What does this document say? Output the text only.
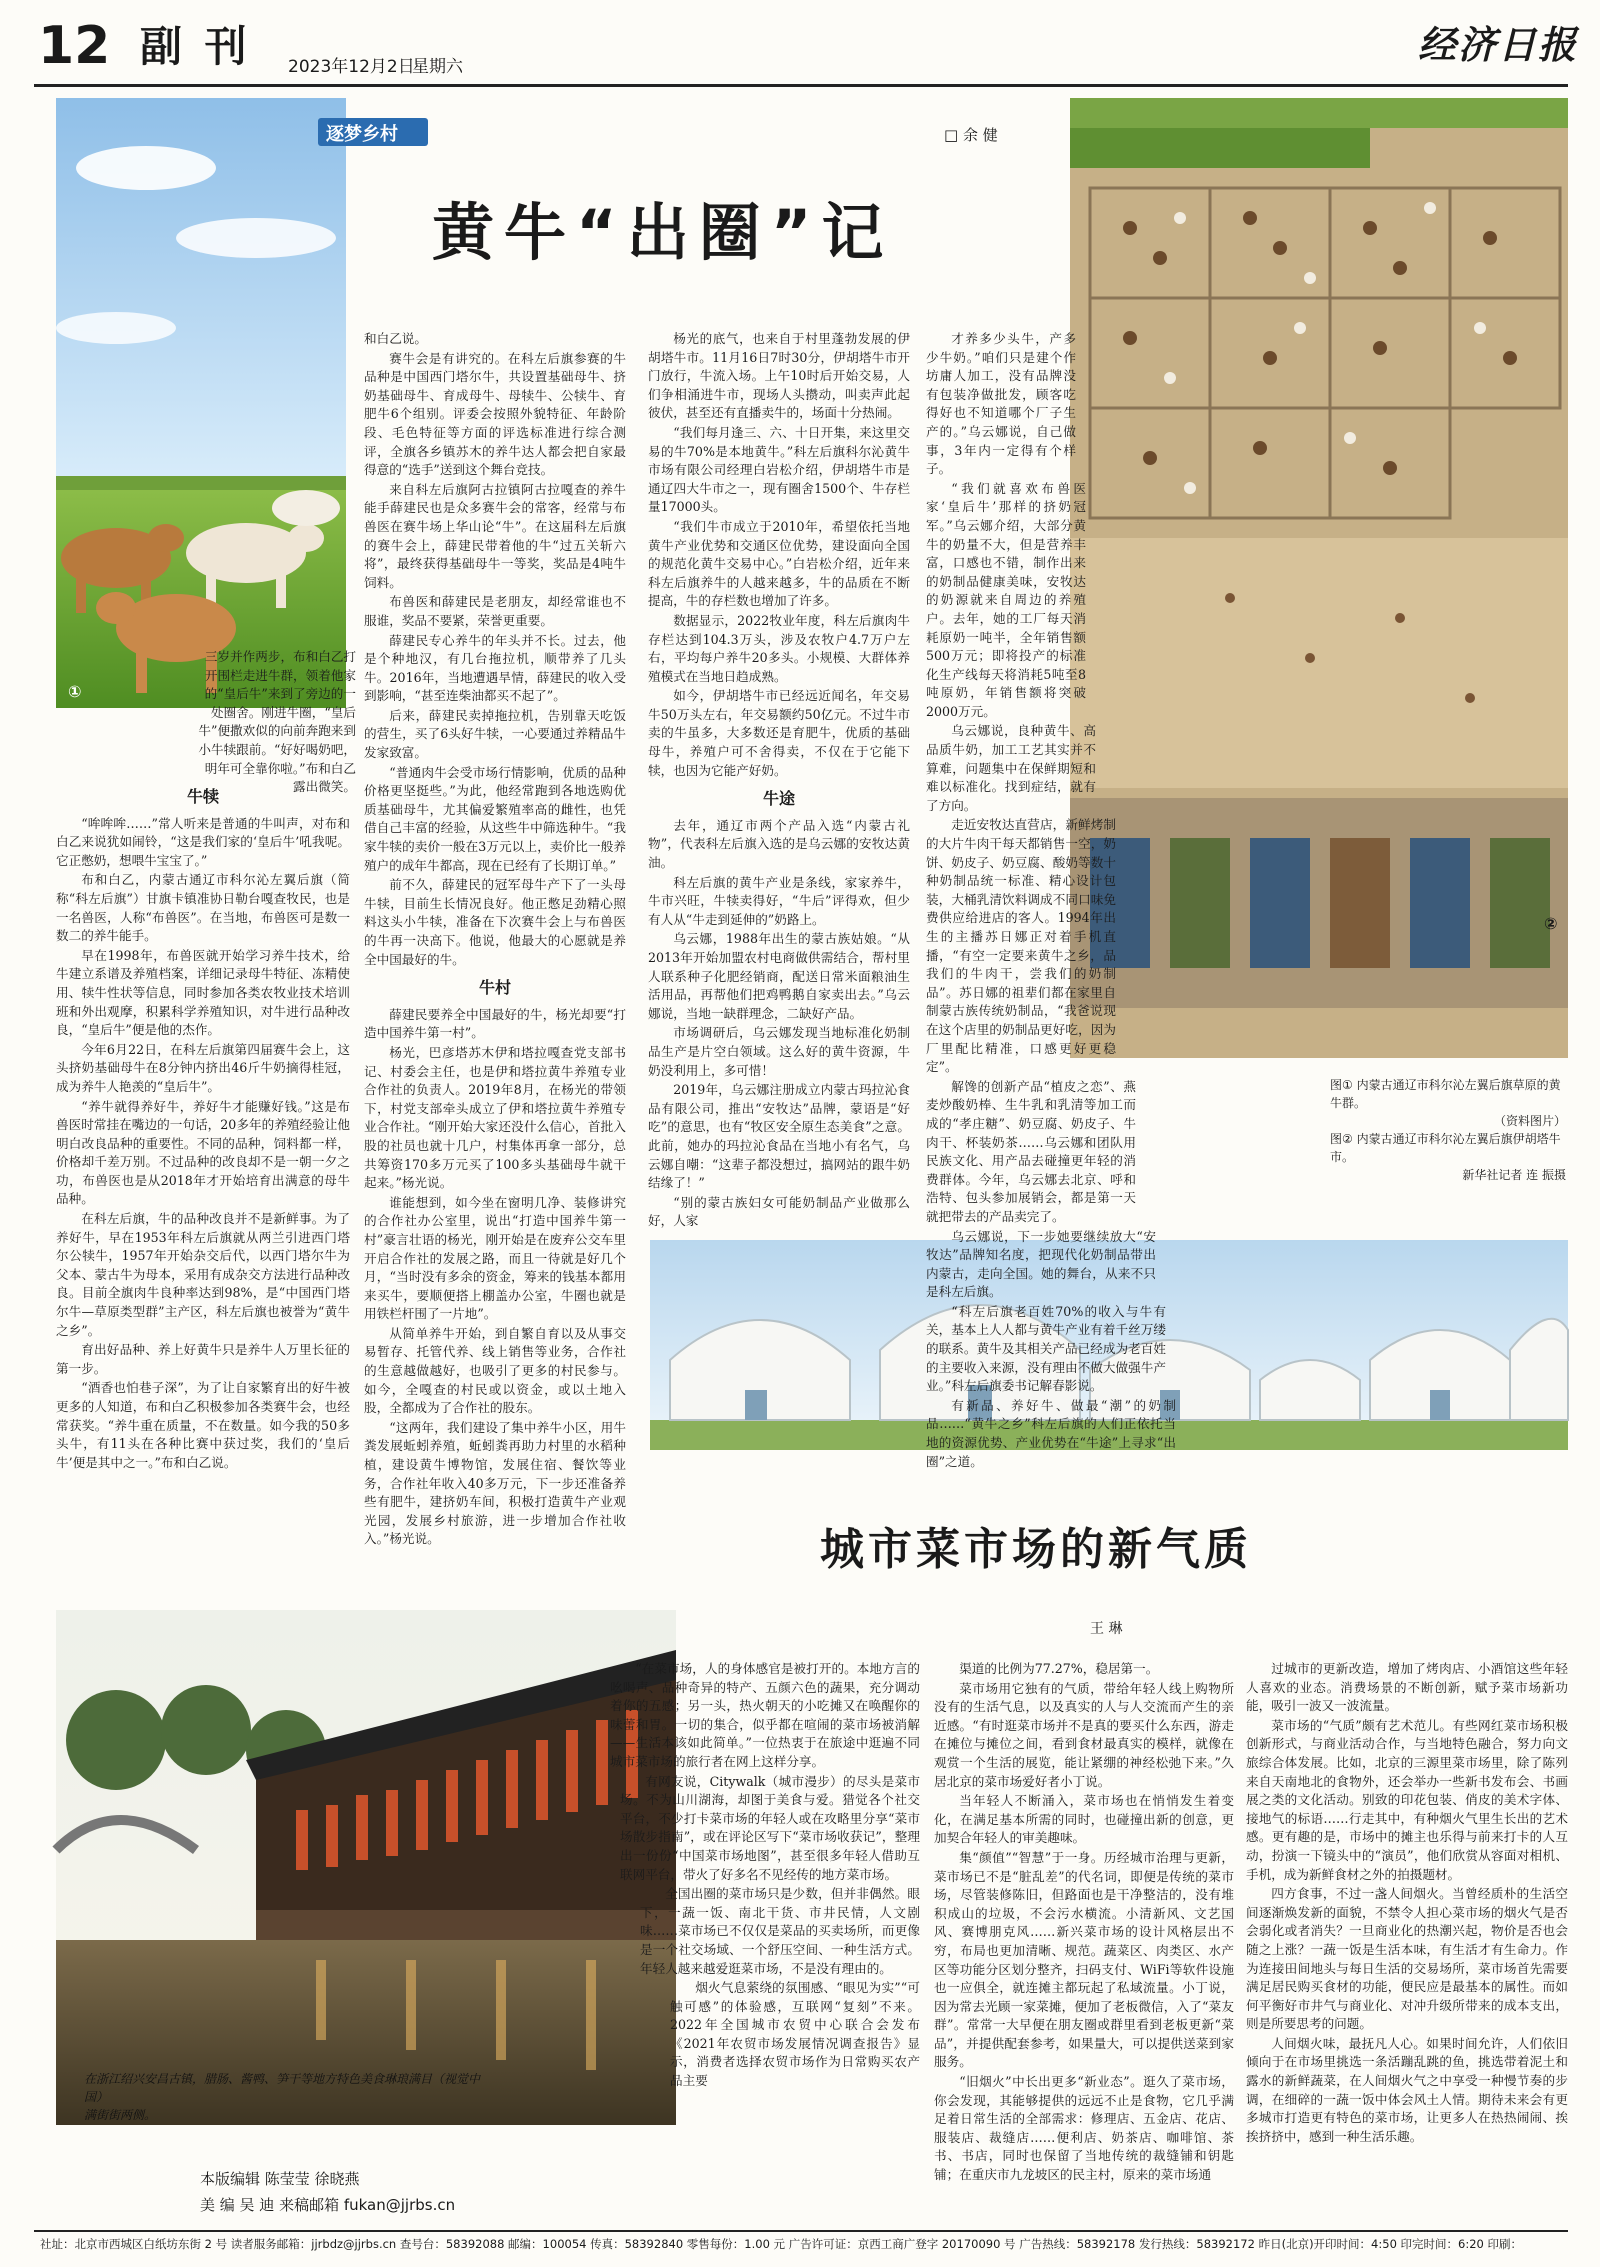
12 副 刊 2023年12月2日
星期六	经济日报
①
②
逐梦乡村	□ 余 健
黄牛“出圈”记

三岁并作两步，布和白乙打开围栏走进牛群，领着他家的“皇后牛”来到了旁边的一处圈舍。刚进牛圈，“皇后牛”便撒欢似的向前奔跑来到小牛犊跟前。“好好喝奶吧，明年可全靠你啦。”布和白乙露出微笑。

牛犊

“哞哞哞……”常人听来是普通的牛叫声，对布和白乙来说犹如闹铃，“这是我们家的‘皇后牛’吼我呢。它正憋奶，想喂牛宝宝了。”

布和白乙，内蒙古通辽市科尔沁左翼后旗（简称“科左后旗”）甘旗卡镇准协日勒台嘎查牧民，也是一名兽医，人称“布兽医”。在当地，布兽医可是数一数二的养牛能手。

早在1998年，布兽医就开始学习养牛技术，给牛建立系谱及养殖档案，详细记录母牛特征、冻精使用、犊牛性状等信息，同时参加各类农牧业技术培训班和外出观摩，积累科学养殖知识，对牛进行品种改良，“皇后牛”便是他的杰作。

今年6月22日，在科左后旗第四届赛牛会上，这头挤奶基础母牛在8分钟内挤出46斤牛奶摘得桂冠，成为养牛人艳羡的“皇后牛”。

“养牛就得养好牛，养好牛才能赚好钱。”这是布兽医时常挂在嘴边的一句话，20多年的养殖经验让他明白改良品种的重要性。不同的品种，饲料都一样，价格却千差万别。不过品种的改良却不是一朝一夕之功，布兽医也是从2018年才开始培育出满意的母牛品种。

在科左后旗，牛的品种改良并不是新鲜事。为了养好牛，早在1953年科左后旗就从两兰引进西门塔尔公犊牛，1957年开始杂交后代，以西门塔尔牛为父本、蒙古牛为母本，采用有成杂交方法进行品种改良。目前全旗肉牛良种率达到98%，是“中国西门塔尔牛—草原类型群”主产区，科左后旗也被誉为“黄牛之乡”。

育出好品种、养上好黄牛只是养牛人万里长征的第一步。

“酒香也怕巷子深”，为了让自家繁育出的好牛被更多的人知道，布和白乙积极参加各类赛牛会，也经常获奖。“养牛重在质量，不在数量。如今我的50多头牛，有11头在各种比赛中获过奖，我们的‘皇后牛’便是其中之一。”布和白乙说。

和白乙说。

赛牛会是有讲究的。在科左后旗参赛的牛品种是中国西门塔尔牛，共设置基础母牛、挤奶基础母牛、育成母牛、母犊牛、公犊牛、育肥牛6个组别。评委会按照外貌特征、年龄阶段、毛色特征等方面的评选标准进行综合测评，全旗各乡镇苏木的养牛达人都会把自家最得意的“选手”送到这个舞台竞技。

来自科左后旗阿古拉镇阿古拉嘎查的养牛能手薛建民也是众多赛牛会的常客，经常与布兽医在赛牛场上华山论“牛”。在这届科左后旗的赛牛会上，薛建民带着他的牛“过五关斩六将”，最终获得基础母牛一等奖，奖品是4吨牛饲料。

布兽医和薛建民是老朋友，却经常谁也不服谁，奖品不要紧，荣誉更重要。

薛建民专心养牛的年头并不长。过去，他是个种地汉，有几台拖拉机，顺带养了几头牛。2016年，当地遭遇旱情，薛建民的收入受到影响，“甚至连柴油都买不起了”。

后来，薛建民卖掉拖拉机，告别靠天吃饭的营生，买了6头好牛犊，一心要通过养精品牛发家致富。

“普通肉牛会受市场行情影响，优质的品种价格更坚挺些。”为此，他经常跑到各地选购优质基础母牛，尤其偏爱繁殖率高的雌性，也凭借自己丰富的经验，从这些牛中筛选种牛。“我家牛犊的卖价一般在3万元以上，卖价比一般养殖户的成年牛都高，现在已经有了长期订单。”

前不久，薛建民的冠军母牛产下了一头母牛犊，目前生长情况良好。他正憋足劲精心照料这头小牛犊，准备在下次赛牛会上与布兽医的牛再一决高下。他说，他最大的心愿就是养全中国最好的牛。

牛村

薛建民要养全中国最好的牛，杨光却要“打造中国养牛第一村”。

杨光，巴彦塔苏木伊和塔拉嘎查党支部书记、村委会主任，也是伊和塔拉黄牛养殖专业合作社的负责人。2019年8月，在杨光的带领下，村党支部牵头成立了伊和塔拉黄牛养殖专业合作社。“刚开始大家还没什么信心，首批入股的社员也就十几户，村集体再拿一部分，总共筹资170多万元买了100多头基础母牛就干起来。”杨光说。

谁能想到，如今坐在窗明几净、装修讲究的合作社办公室里，说出“打造中国养牛第一村”豪言壮语的杨光，刚开始是在废弃公交车里开启合作社的发展之路，而且一待就是好几个月，“当时没有多余的资金，筹来的钱基本都用来买牛，要顺便搭上棚盖办公室，牛圈也就是用铁栏杆围了一片地”。

从简单养牛开始，到自繁自育以及从事交易暂存、托管代养、线上销售等业务，合作社的生意越做越好，也吸引了更多的村民参与。如今，全嘎查的村民或以资金，或以土地入股，全都成为了合作社的股东。

“这两年，我们建设了集中养牛小区，用牛粪发展蚯蚓养殖，蚯蚓粪再助力村里的水稻种植，建设黄牛博物馆，发展住宿、餐饮等业务，合作社年收入40多万元，下一步还准备养些有肥牛，建挤奶车间，积极打造黄牛产业观光园，发展乡村旅游，进一步增加合作社收入。”杨光说。

杨光的底气，也来自于村里蓬勃发展的伊胡塔牛市。11月16日7时30分，伊胡塔牛市开门放行，牛流入场。上午10时后开始交易，人们争相涌进牛市，现场人头攒动，叫卖声此起彼伏，甚至还有直播卖牛的，场面十分热闹。

“我们每月逢三、六、十日开集，来这里交易的牛70%是本地黄牛。”科左后旗科尔沁黄牛市场有限公司经理白岩松介绍，伊胡塔牛市是通辽四大牛市之一，现有圈舍1500个、牛存栏量17000头。

“我们牛市成立于2010年，希望依托当地黄牛产业优势和交通区位优势，建设面向全国的规范化黄牛交易中心。”白岩松介绍，近年来科左后旗养牛的人越来越多，牛的品质在不断提高，牛的存栏数也增加了许多。

数据显示，2022牧业年度，科左后旗肉牛存栏达到104.3万头，涉及农牧户4.7万户左右，平均每户养牛20多头。小规模、大群体养殖模式在当地日趋成熟。

如今，伊胡塔牛市已经远近闻名，年交易牛50万头左右，年交易额约50亿元。不过牛市卖的牛虽多，大多数还是育肥牛，优质的基础母牛，养殖户可不舍得卖，不仅在于它能下犊，也因为它能产好奶。

牛途

去年，通辽市两个产品入选“内蒙古礼物”，代表科左后旗入选的是乌云娜的安牧达黄油。

科左后旗的黄牛产业是条线，家家养牛，牛市兴旺，牛犊卖得好，“牛后”评得欢，但少有人从“牛走到延伸的”奶路上。

乌云娜，1988年出生的蒙古族姑娘。“从2013年开始加盟农村电商做供需结合，帮村里人联系种子化肥经销商，配送日常米面粮油生活用品，再帮他们把鸡鸭鹅自家卖出去。”乌云娜说，当地一缺群理念，二缺好产品。

市场调研后，乌云娜发现当地标准化奶制品生产是片空白领域。这么好的黄牛资源，牛奶没利用上，多可惜！

2019年，乌云娜注册成立内蒙古玛拉沁食品有限公司，推出“安牧达”品牌，蒙语是“好吃”的意思，也有“牧区安全原生态美食”之意。此前，她办的玛拉沁食品在当地小有名气，乌云娜自嘲：“这辈子都没想过，搞网站的跟牛奶结缘了！”

“别的蒙古族妇女可能奶制品产业做那么好，人家

才养多少头牛，产多少牛奶。”咱们只是建个作坊庸人加工，没有品牌没有包装净做批发，顾客吃得好也不知道哪个厂子生产的。”乌云娜说，自己做事，3年内一定得有个样子。

“我们就喜欢布兽医家‘皇后牛’那样的挤奶冠军。”乌云娜介绍，大部分黄牛的奶量不大，但是营养丰富，口感也不错，制作出来的奶制品健康美味，安牧达的奶源就来自周边的养殖户。去年，她的工厂每天消耗原奶一吨半，全年销售额500万元；即将投产的标准化生产线每天将消耗5吨至8吨原奶，年销售额将突破2000万元。

乌云娜说，良种黄牛、高品质牛奶，加工工艺其实并不算难，问题集中在保鲜期短和难以标准化。找到症结，就有了方向。

走近安牧达直营店，新鲜烤制的大片牛肉干每天都销售一空，奶饼、奶皮子、奶豆腐、酸奶等数十种奶制品统一标准、精心设计包装，大桶乳清饮料调成不同口味免费供应给进店的客人。1994年出生的主播苏日娜正对着手机直播，“有空一定要来黄牛之乡，品我们的牛肉干，尝我们的奶制品”。苏日娜的祖辈们都在家里自制蒙古族传统奶制品，“我爸说现在这个店里的奶制品更好吃，因为厂里配比精准，口感更好更稳定”。

解馋的创新产品“植皮之恋”、燕麦炒酸奶棒、生牛乳和乳清等加工而成的“孝庄糖”、奶豆腐、奶皮子、牛肉干、杯装奶茶……乌云娜和团队用民族文化、用产品去碰撞更年轻的消费群体。今年，乌云娜去北京、呼和浩特、包头参加展销会，都是第一天就把带去的产品卖完了。

乌云娜说，下一步她要继续放大“安牧达”品牌知名度，把现代化奶制品带出内蒙古，走向全国。她的舞台，从来不只是科左后旗。

“科左后旗老百姓70%的收入与牛有关，基本上人人都与黄牛产业有着千丝万缕的联系。黄牛及其相关产品已经成为老百姓的主要收入来源，没有理由不做大做强牛产业。”科左后旗委书记解春影说。

有新品、养好牛、做最“潮”的奶制品……“黄牛之乡”科左后旗的人们正依托当地的资源优势、产业优势在“牛途”上寻求“出圈”之道。

图① 内蒙古通辽市科尔沁左翼后旗草原的黄牛群。
（资料图片）
图② 内蒙古通辽市科尔沁左翼后旗伊胡塔牛市。
新华社记者 连 振摄
城市菜市场的新气质
王 琳
在浙江绍兴安昌古镇，腊肠、酱鸭、笋干等地方特色美食琳琅满目（视觉中国）
满街街两侧。

“在菜市场，人的身体感官是被打开的。本地方言的吆喝声、品种奇异的特产、五颜六色的蔬果，充分调动着你的五感；另一头，热火朝天的小吃摊又在唤醒你的味蕾和胃。一切的集合，似乎都在喧闹的菜市场被消解——生活本该如此简单。”一位热衷于在旅途中逛遍不同城市菜市场的旅行者在网上这样分享。

有网友说，Citywalk（城市漫步）的尽头是菜市场。不为山川湖海，却图于美食与爱。猎觉各个社交平台，不少打卡菜市场的年轻人或在攻略里分享“菜市场散步指南”，或在评论区写下“菜市场收获记”，整理出一份份“中国菜市场地图”，甚至很多年轻人借助互联网平台，带火了好多名不见经传的地方菜市场。

全国出圈的菜市场只是少数，但并非偶然。眼下，一蔬一饭、南北干货、市井民情，人文剧味……菜市场已不仅仅是菜品的买卖场所，而更像是一个社交场域、一个舒压空间、一种生活方式。年轻人越来越爱逛菜市场，不是没有理由的。

烟火气息萦绕的氛围感、“眼见为实”“可触可感”的体验感，互联网“复刻”不来。2022年全国城市农贸中心联合会发布《2021年农贸市场发展情况调查报告》显示，消费者选择农贸市场作为日常购买农产品主要

渠道的比例为77.27%，稳居第一。

菜市场用它独有的气质，带给年轻人线上购物所没有的生活气息，以及真实的人与人交流而产生的亲近感。“有时逛菜市场并不是真的要买什么东西，游走在摊位与摊位之间，看到食材最真实的模样，就像在观赏一个生活的展览，能让紧绷的神经松弛下来。”久居北京的菜市场爱好者小丁说。

当年轻人不断涌入，菜市场也在悄悄发生着变化，在满足基本所需的同时，也碰撞出新的创意，更加契合年轻人的审美趣味。

集“颜值”“智慧”于一身。历经城市治理与更新，菜市场已不是“脏乱差”的代名词，即便是传统的菜市场，尽管装修陈旧，但路面也是干净整洁的，没有堆积成山的垃圾，不会污水横流。小清新风、文艺国风、赛博朋克风……新兴菜市场的设计风格层出不穷，布局也更加清晰、规范。蔬菜区、肉类区、水产区等功能分区划分整齐，扫码支付、WiFi等软件设施也一应俱全，就连摊主都玩起了私域流量。小丁说，因为常去光顾一家菜摊，便加了老板微信，入了“菜友群”。常常一大早便在朋友圈或群里看到老板更新“菜品”，并提供配套参考，如果量大，可以提供送菜到家服务。

“旧烟火”中长出更多“新业态”。逛久了菜市场，你会发现，其能够提供的远远不止是食物，它几乎满足着日常生活的全部需求：修理店、五金店、花店、服装店、裁缝店……便利店、奶茶店、咖啡馆、茶书、书店，同时也保留了当地传统的裁缝铺和钥匙铺；在重庆市九龙坡区的民主村，原来的菜市场通

过城市的更新改造，增加了烤肉店、小酒馆这些年轻人喜欢的业态。消费场景的不断创新，赋予菜市场新功能，吸引一波又一波流量。

菜市场的“气质”颇有艺术范儿。有些网红菜市场积极创新形式，与商业活动合作，与当地特色融合，努力向文旅综合体发展。比如，北京的三源里菜市场里，除了陈列来自天南地北的食物外，还会举办一些新书发布会、书画展之类的文化活动。别致的印花包装、俏皮的美术字体、接地气的标语……行走其中，有种烟火气里生长出的艺术感。更有趣的是，市场中的摊主也乐得与前来打卡的人互动，扮演一下镜头中的“演员”，他们欣赏从容面对相机、手机，成为新鲜食材之外的拍摄题材。

四方食事，不过一盏人间烟火。当曾经质朴的生活空间逐渐焕发新的面貌，不禁令人担心菜市场的烟火气是否会弱化或者消失？一旦商业化的热潮兴起，物价是否也会随之上涨？一蔬一饭是生活本味，有生活才有生命力。作为连接田间地头与每日生活的交易场所，菜市场首先需要满足居民购买食材的功能，便民应是最基本的属性。而如何平衡好市井气与商业化、对冲升级所带来的成本支出，则是所要思考的问题。

人间烟火味，最抚凡人心。如果时间允许，人们依旧倾向于在市场里挑选一条活蹦乱跳的鱼，挑选带着泥土和露水的新鲜蔬菜，在人间烟火气之中享受一种慢节奏的步调，在细碎的一蔬一饭中体会风土人情。期待未来会有更多城市打造更有特色的菜市场，让更多人在热热闹闹、挨挨挤挤中，感到一种生活乐趣。

本版编辑 陈莹莹 徐晓燕
美 编 吴 迪 来稿邮箱 fukan@jjrbs.cn
社址：北京市西城区白纸坊东街 2 号 读者服务邮箱：jjrbdz@jjrbs.cn 查号台：58392088 邮编：100054 传真：58392840 零售每份：1.00 元 广告许可证：京西工商广登字 20170090 号 广告热线：58392178 发行热线：58392172 昨日(北京)开印时间：4:50 印完时间：6:20 印刷：
